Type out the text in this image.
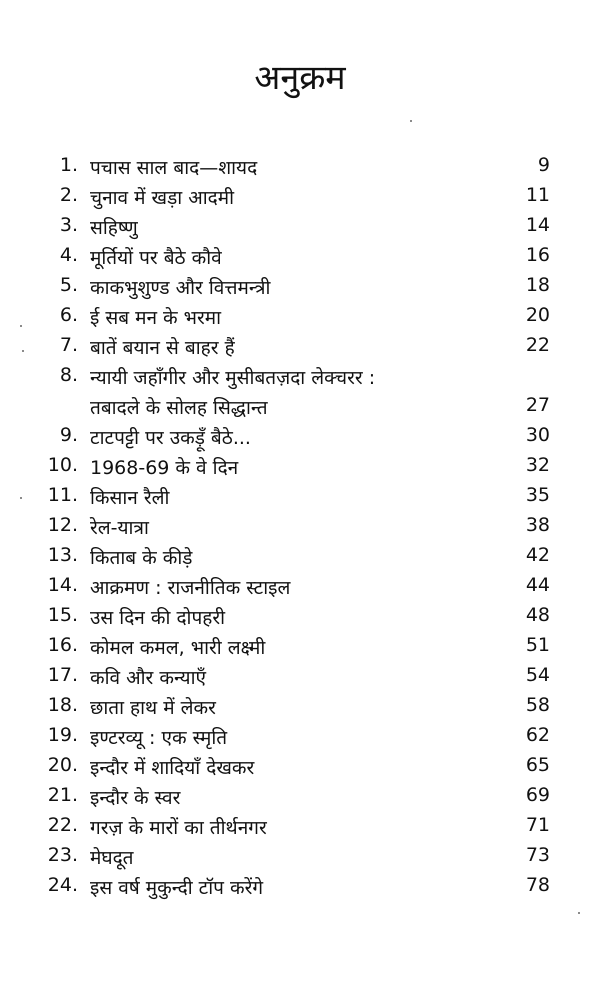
अनुक्रम
1. पचास साल बाद—शायद	9
2. चुनाव में खड़ा आदमी	11
3. सहिष्णु	14
4. मूर्तियों पर बैठे कौवे	16
5. काकभुशुण्ड और वित्तमन्त्री	18
6. ई सब मन के भरमा	20
7. बातें बयान से बाहर हैं	22
8. न्यायी जहाँगीर और मुसीबतज़दा लेक्चरर :
तबादले के सोलह सिद्धान्त	27
9. टाटपट्टी पर उकड़ूँ बैठे...	30
10. 1968-69 के वे दिन	32
11. किसान रैली	35
12. रेल-यात्रा	38
13. किताब के कीड़े	42
14. आक्रमण : राजनीतिक स्टाइल	44
15. उस दिन की दोपहरी	48
16. कोमल कमल, भारी लक्ष्मी	51
17. कवि और कन्याएँ	54
18. छाता हाथ में लेकर	58
19. इण्टरव्यू : एक स्मृति	62
20. इन्दौर में शादियाँ देखकर	65
21. इन्दौर के स्वर	69
22. गरज़ के मारों का तीर्थनगर	71
23. मेघदूत	73
24. इस वर्ष मुकुन्दी टॉप करेंगे	78
